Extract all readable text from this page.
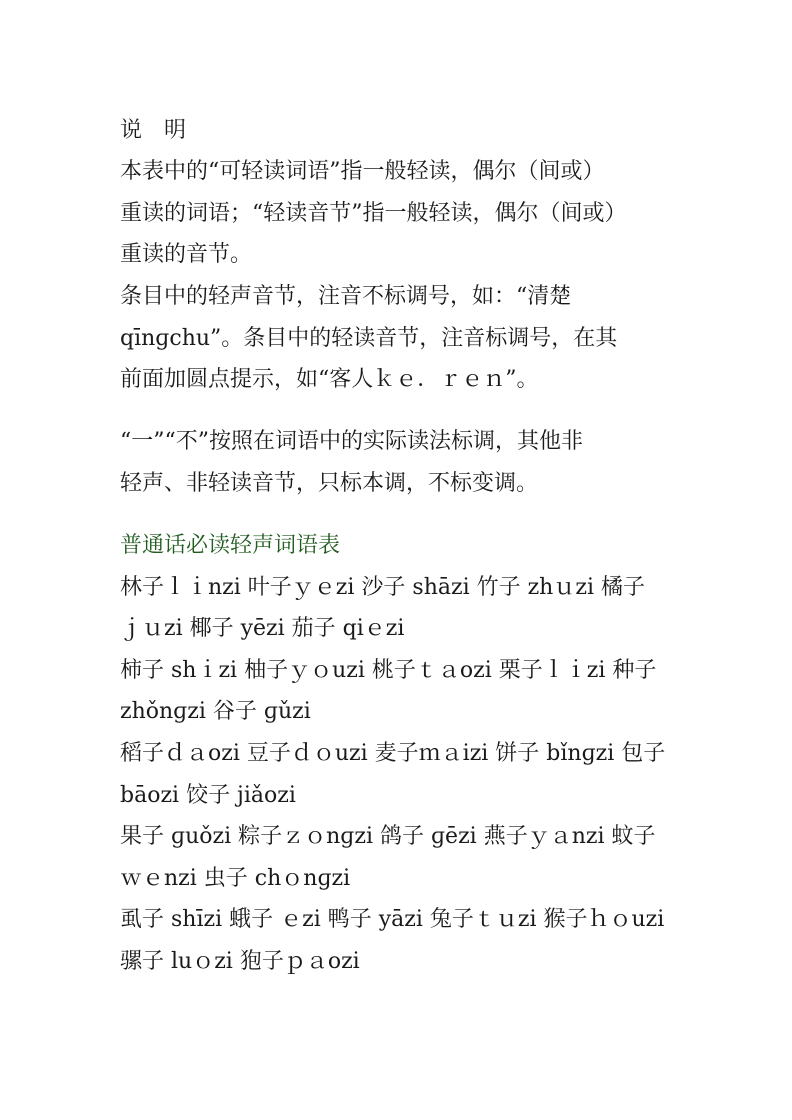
说　明
本表中的“可轻读词语”指一般轻读，偶尔（间或）
重读的词语；“轻读音节”指一般轻读，偶尔（间或）
重读的音节。
条目中的轻声音节，注音不标调号，如：“清楚
qīnɡchu”。条目中的轻读音节，注音标调号，在其
前面加圆点提示，如“客人ｋｅ．ｒｅｎ”。
“一”“不”按照在词语中的实际读法标调，其他非
轻声、非轻读音节，只标本调，不标变调。
普通话必读轻声词语表
林子ｌｉnzi 叶子ｙｅzi 沙子 shāzi 竹子 zhｕzi 橘子
ｊｕzi 椰子 yēzi 茄子 qiｅzi
柿子 shｉzi 柚子ｙｏuzi 桃子ｔａozi 栗子ｌｉzi 种子
zhǒnɡzi 谷子 ɡǔzi
稻子ｄａozi 豆子ｄｏuzi 麦子ｍａizi 饼子 bǐnɡzi 包子
bāozi 饺子 jiǎozi
果子 ɡuǒzi 粽子ｚｏnɡzi 鸽子 ɡēzi 燕子ｙａnzi 蚊子
ｗｅnzi 虫子 chｏnɡzi
虱子 shīzi 蛾子 ｅzi 鸭子 yāzi 兔子ｔｕzi 猴子ｈｏuzi
骡子 luｏzi 狍子ｐａozi
